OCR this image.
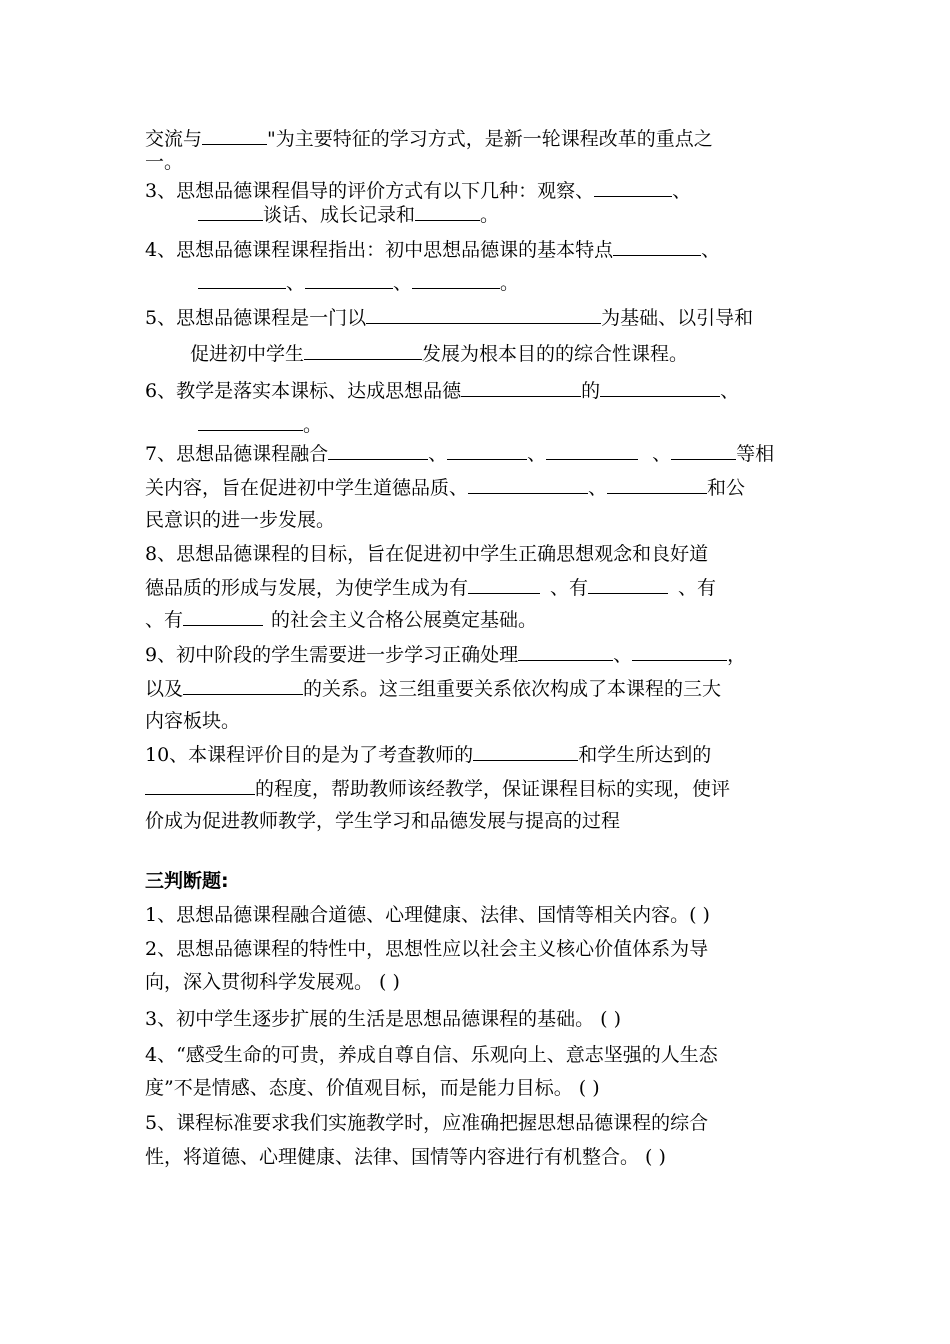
交流与	"为主要特征的学习方式，是新一轮课程改革的重点之
一。
3、思想品德课程倡导的评价方式有以下几种：观察、	、
谈话、成长记录和	。
4、思想品德课程课程指出：初中思想品德课的基本特点	、
、	、	。
5、思想品德课程是一门以	为基础、以引导和
促进初中学生	发展为根本目的的综合性课程。
6、教学是落实本课标、达成思想品德	的	、
。
7、思想品德课程融合	、	、	、	等相
关内容，旨在促进初中学生道德品质、	、	和公
民意识的进一步发展。
8、思想品德课程的目标，旨在促进初中学生正确思想观念和良好道
德品质的形成与发展，为使学生成为有	、有	、有
、有	的社会主义合格公展奠定基础。
9、初中阶段的学生需要进一步学习正确处理	、	，
以及	的关系。这三组重要关系依次构成了本课程的三大
内容板块。
10、本课程评价目的是为了考查教师的	和学生所达到的
的程度，帮助教师该经教学，保证课程目标的实现，使评
价成为促进教师教学，学生学习和品德发展与提高的过程
三判断题:
1、思想品德课程融合道德、心理健康、法律、国情等相关内容。( )
2、思想品德课程的特性中，思想性应以社会主义核心价值体系为导
向，深入贯彻科学发展观。 ( )
3、初中学生逐步扩展的生活是思想品德课程的基础。 ( )
4、“感受生命的可贵，养成自尊自信、乐观向上、意志坚强的人生态
度”不是情感、态度、价值观目标，而是能力目标。 ( )
5、课程标准要求我们实施教学时，应准确把握思想品德课程的综合
性，将道德、心理健康、法律、国情等内容进行有机整合。 ( )
